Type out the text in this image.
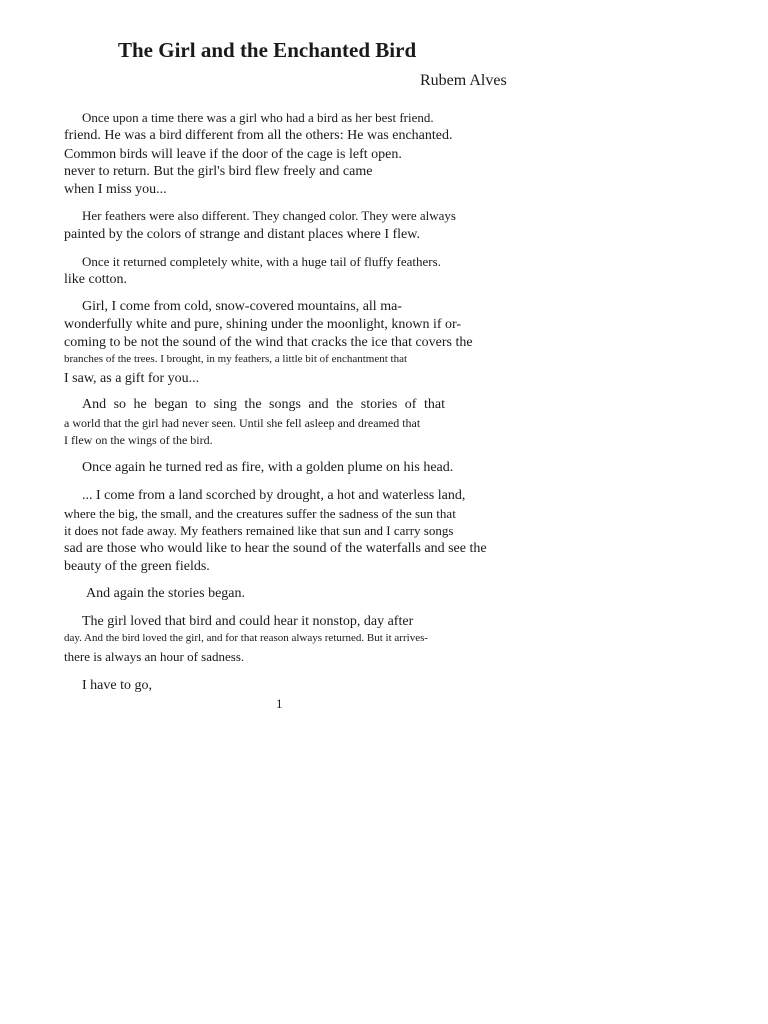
The Girl and the Enchanted Bird
Rubem Alves
Once upon a time there was a girl who had a bird as her best friend.
friend. He was a bird different from all the others: He was enchanted.
Common birds will leave if the door of the cage is left open.
never to return. But the girl's bird flew freely and came
when I miss you...
Her feathers were also different. They changed color. They were always
painted by the colors of strange and distant places where I flew.
Once it returned completely white, with a huge tail of fluffy feathers.
like cotton.
Girl, I come from cold, snow-covered mountains, all ma-
wonderfully white and pure, shining under the moonlight, known if or-
coming to be not the sound of the wind that cracks the ice that covers the
branches of the trees. I brought, in my feathers, a little bit of enchantment that
I saw, as a gift for you...
And so he began to sing the songs and the stories of that
a world that the girl had never seen. Until she fell asleep and dreamed that
I flew on the wings of the bird.
Once again he turned red as fire, with a golden plume on his head.
... I come from a land scorched by drought, a hot and waterless land,
where the big, the small, and the creatures suffer the sadness of the sun that
it does not fade away. My feathers remained like that sun and I carry songs
sad are those who would like to hear the sound of the waterfalls and see the
beauty of the green fields.
And again the stories began.
The girl loved that bird and could hear it nonstop, day after
day. And the bird loved the girl, and for that reason always returned. But it arrives-
there is always an hour of sadness.
I have to go,
1
